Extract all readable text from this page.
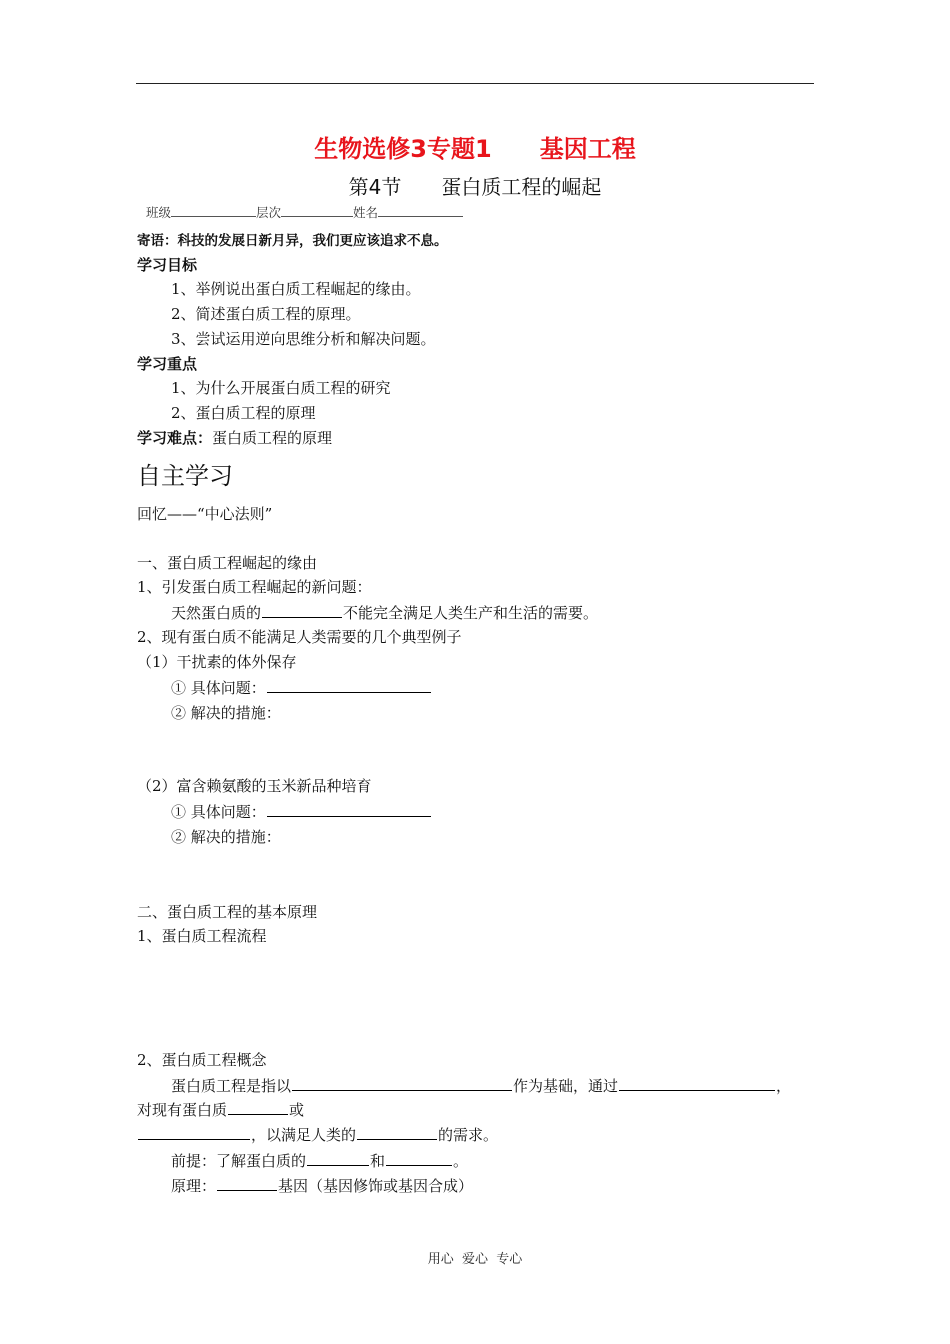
生物选修3专题1　　基因工程
第4节　　蛋白质工程的崛起
班级	层次	姓名
寄语：科技的发展日新月异，我们更应该追求不息。
学习目标
1、举例说出蛋白质工程崛起的缘由。
2、简述蛋白质工程的原理。
3、尝试运用逆向思维分析和解决问题。
学习重点
1、为什么开展蛋白质工程的研究
2、蛋白质工程的原理
学习难点：蛋白质工程的原理
自主学习
回忆——“中心法则”
一、蛋白质工程崛起的缘由
1、引发蛋白质工程崛起的新问题：
天然蛋白质的	不能完全满足人类生产和生活的需要。
2、现有蛋白质不能满足人类需要的几个典型例子
（1）干扰素的体外保存
① 具体问题：
② 解决的措施：
（2）富含赖氨酸的玉米新品种培育
① 具体问题：
② 解决的措施：
二、蛋白质工程的基本原理
1、蛋白质工程流程
2、蛋白质工程概念
蛋白质工程是指以	作为基础，通过	，
对现有蛋白质	或
，以满足人类的	的需求。
前提：了解蛋白质的	和	。
原理：	基因（基因修饰或基因合成）
用心  爱心  专心
